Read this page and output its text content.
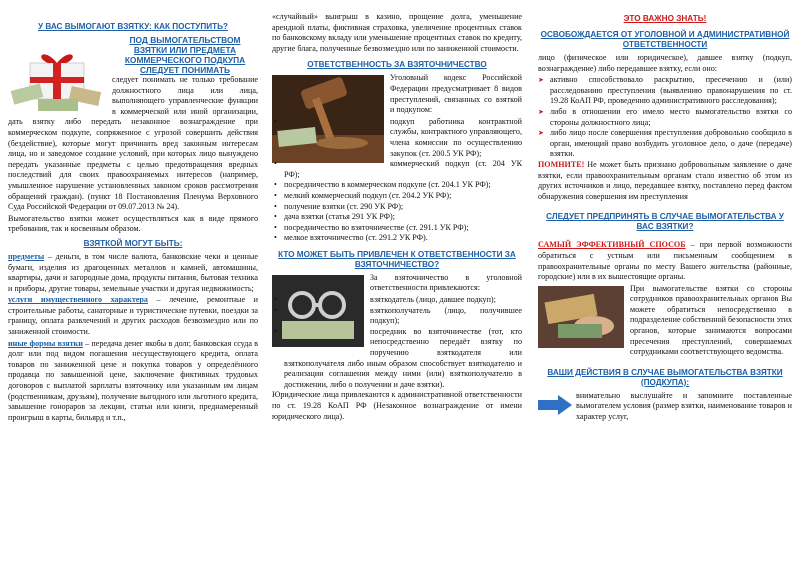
У ВАС ВЫМОГАЮТ ВЗЯТКУ: КАК ПОСТУПИТЬ?
ПОД ВЫМОГАТЕЛЬСТВОМ ВЗЯТКИ ИЛИ ПРЕДМЕТА КОММЕРЧЕСКОГО ПОДКУПА СЛЕДУЕТ ПОНИМАТЬ

следует понимать не только требование должностного лица или лица, выполняющего управленческие функции в коммерческой или иной организации, дать взятку либо передать незаконное вознаграждение при коммерческом подкупе, сопряженное с угрозой совершить действия (бездействие), которые могут причинить вред законным интересам лица, но и заведомое создание условий, при которых лицо вынуждено передать указанные предметы с целью предотвращения вредных последствий для своих правоохраняемых интересов (например, умышленное нарушение установленных законом сроков рассмотрения обращений граждан). (пункт 18 Постановления Пленума Верховного Суда Российской Федерации от 09.07.2013 № 24).

Вымогательство взятки может осуществляться как в виде прямого требования, так и косвенным образом.

ВЗЯТКОЙ МОГУТ БЫТЬ:

предметы – деньги, в том числе валюта, банковские чеки и ценные бумаги, изделия из драгоценных металлов и камней, автомашины, квартиры, дачи и загородные дома, продукты питания, бытовая техника и приборы, другие товары, земельные участки и другая недвижимость;

услуги имущественного характера – лечение, ремонтные и строительные работы, санаторные и туристические путевки, поездки за границу, оплата развлечений и других расходов безвозмездно или по заниженной стоимости.

иные формы взятки – передача денег якобы в долг, банковская ссуда в долг или под видом погашения несуществующего кредита, оплата товаров по заниженной цене и покупка товаров у определённого продавца по завышенной цене, заключение фиктивных трудовых договоров с выплатой зарплаты взяточнику или указанным им лицам (родственникам, друзьям), получение выгодного или льготного кредита, завышение гонораров за лекции, статьи или книги, преднамеренный проигрыш в карты, бильярд и т.п.,

«случайный» выигрыш в казино, прощение долга, уменьшение арендной платы, фиктивная страховка, увеличение процентных ставок по банковскому вкладу или уменьшение процентных ставок по кредиту, другие блага, полученные безвозмездно или по заниженной стоимости.

ОТВЕТСТВЕННОСТЬ ЗА ВЗЯТОЧНИЧЕСТВО

Уголовный кодекс Российской Федерации предусматривает 8 видов преступлений, связанных со взяткой и подкупом:

• подкуп работника контрактной службы, контрактного управляющего, члена комиссии по осуществлению закупок (ст. 200.5 УК РФ);
• коммерческий подкуп (ст. 204 УК РФ);
• посредничество в коммерческом подкупе (ст. 204.1 УК РФ);
• мелкий коммерческий подкуп (ст. 204.2 УК РФ);
• получение взятки (ст. 290 УК РФ);
• дача взятки (статья 291 УК РФ);
• посредничество во взяточничестве (ст. 291.1 УК РФ);
• мелкое взяточничество (ст. 291.2 УК РФ).
КТО МОЖЕТ БЫТЬ ПРИВЛЕЧЕН К ОТВЕТСТВЕННОСТИ ЗА ВЗЯТОЧНИЧЕСТВО?

За взяточничество в уголовной ответственности привлекаются:

• взяткодатель (лицо, давшее подкуп);
• взяткополучатель (лицо, получившее подкуп);
• посредник во взяточничестве (тот, кто непосредственно передаёт взятку по поручению взяткодателя или взяткополучателя либо иным образом способствует взяткодателю и реализации соглашения между ними (или) взяткополучателю в достижении, либо о получении и даче взятки).

Юридические лица привлекаются к административной ответственности по ст. 19.28 КоАП РФ (Незаконное вознаграждение от имени юридического лица).

ЭТО ВАЖНО ЗНАТЬ!
ОСВОБОЖДАЕТСЯ ОТ УГОЛОВНОЙ И АДМИНИСТРАТИВНОЙ ОТВЕТСТВЕННОСТИ

лицо (физическое или юридическое), давшее взятку (подкуп, вознаграждение) либо передавшее взятку, если оно:

➤ активно способствовало раскрытию, пресечению и (или) расследованию преступления (выявлению правонарушения по ст. 19.28 КоАП РФ, проведению административного расследования);
➤ либо в отношении его имело место вымогательство взятки со стороны должностного лица;
➤ либо лицо после совершения преступления добровольно сообщило в орган, имеющий право возбудить уголовное дело, о даче (передаче) взятки.

ПОМНИТЕ! Не может быть признано добровольным заявление о даче взятки, если правоохранительным органам стало известно об этом из других источников и лицо, передавшее взятку, поставлено перед фактом обнаружения совершения им преступления

СЛЕДУЕТ ПРЕДПРИНЯТЬ В СЛУЧАЕ ВЫМОГАТЕЛЬСТВА У ВАС ВЗЯТКИ?

САМЫЙ ЭФФЕКТИВНЫЙ СПОСОБ – при первой возможности обратиться с устным или письменным сообщением в правоохранительные органы по месту Вашего жительства (районные, городские) или в их вышестоящие органы.

При вымогательстве взятки со стороны сотрудников правоохранительных органов Вы можете обратиться непосредственно в подразделение собственной безопасности этих органов, которые занимаются вопросами пресечения преступлений, совершаемых сотрудниками соответствующего ведомства.

ВАШИ ДЕЙСТВИЯ В СЛУЧАЕ ВЫМОГАТЕЛЬСТВА ВЗЯТКИ (ПОДКУПА):

внимательно выслушайте и запомните поставленные вымогателем условия (размер взятки, наименование товаров и характер услуг,
